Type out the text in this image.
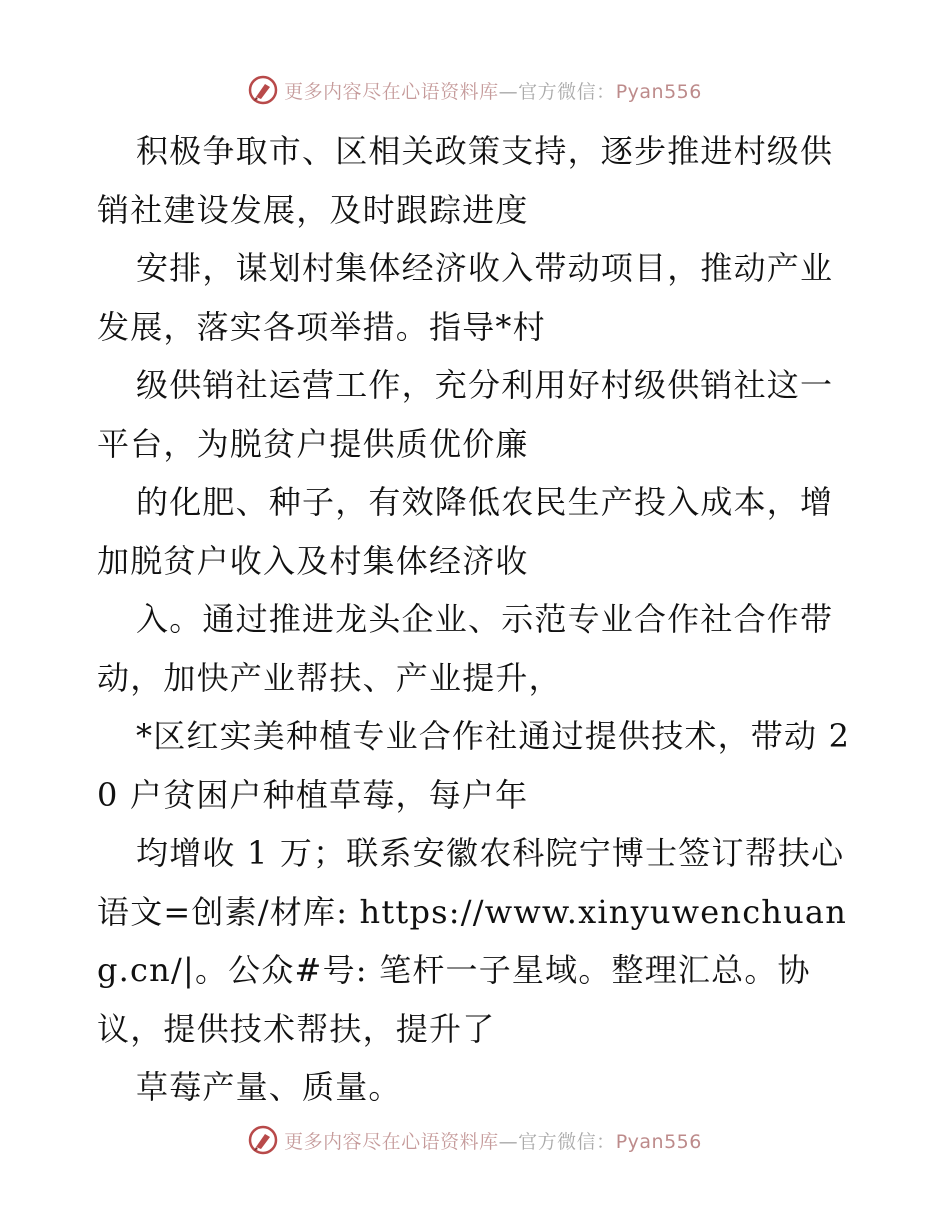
更多内容尽在心语资料库—官方微信：Pyan556

积极争取市、区相关政策支持，逐步推进村级供销社建设发展，及时跟踪进度

安排，谋划村集体经济收入带动项目，推动产业发展，落实各项举措。指导*村

级供销社运营工作，充分利用好村级供销社这一平台，为脱贫户提供质优价廉

的化肥、种子，有效降低农民生产投入成本，增加脱贫户收入及村集体经济收

入。通过推进龙头企业、示范专业合作社合作带动，加快产业帮扶、产业提升，

*区红实美种植专业合作社通过提供技术，带动 20 户贫困户种植草莓，每户年

均增收 1 万；联系安徽农科院宁博士签订帮扶心语文=创素/材库: https://www.xinyuwenchuang.cn/|。公众#号: 笔杆一子星域。整理汇总。协议，提供技术帮扶，提升了

草莓产量、质量。

更多内容尽在心语资料库—官方微信：Pyan556
